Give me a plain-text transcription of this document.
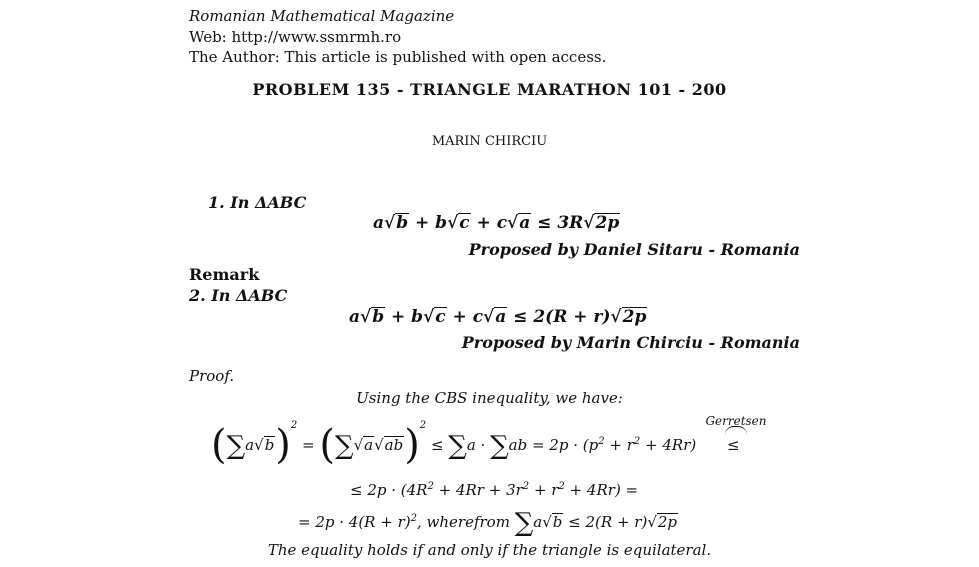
Romanian Mathematical Magazine
Web: http://www.ssmrmh.ro
The Author: This article is published with open access.
PROBLEM 135 - TRIANGLE MARATHON 101 - 200
MARIN CHIRCIU
1. In ΔABC
a√b + b√c + c√a ≤ 3R√2p
Proposed by Daniel Sitaru - Romania
Remark
2. In ΔABC
a√b + b√c + c√a ≤ 2(R + r)√2p
Proposed by Marin Chirciu - Romania
Proof.
Using the CBS inequality, we have:
$(\sum a√b)^2 = (\sum√a√ab)^2 \le \sum a \cdot \sum ab = 2p \cdot (p^2 + r^2 + 4Rr)$
Gerretsen
≤
≤ $2p \cdot (4R^2 + 4Rr + 3r^2 + r^2 + 4Rr)$ =
= $2p \cdot 4(R + r)^2$, wherefrom ∑a√b ≤ 2(R + r)√2p
The equality holds if and only if the triangle is equilateral.
